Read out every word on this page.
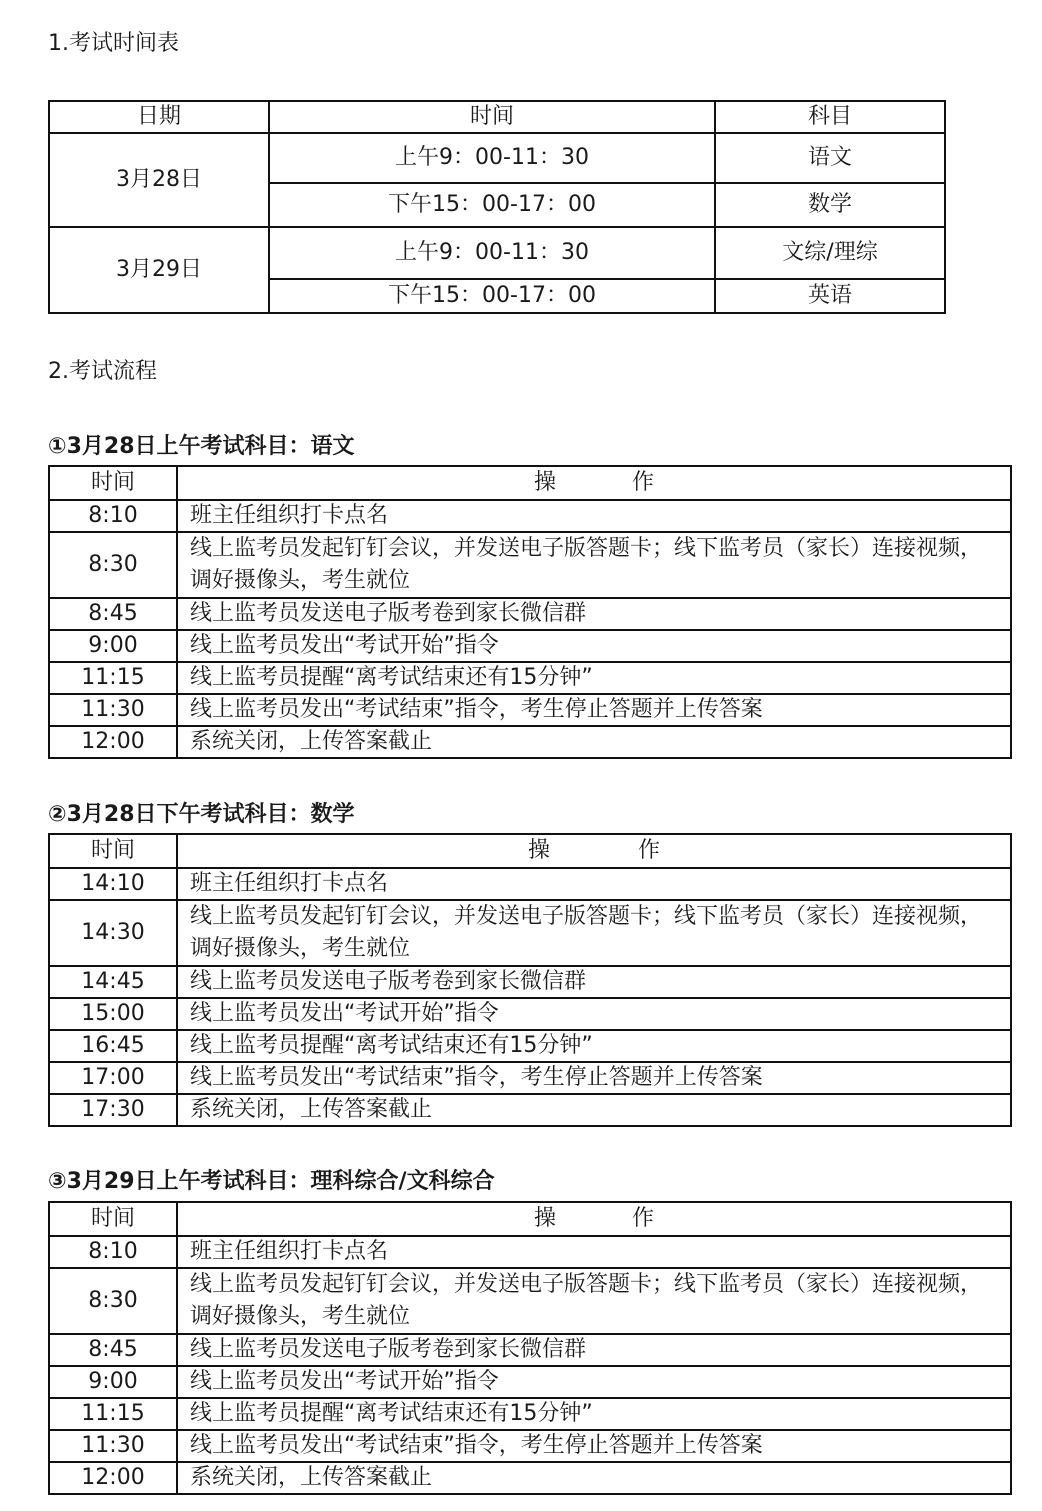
1.考试时间表
日期	时间	科目
3月28日	上午9：00-11：30	语文
	下午15：00-17：00	数学
3月29日	上午9：00-11：30	文综/理综
	下午15：00-17：00	英语
2.考试流程
①3月28日上午考试科目：语文
时间	操 作
8:10	班主任组织打卡点名
8:30	线上监考员发起钉钉会议，并发送电子版答题卡；线下监考员（家长）连接视频，调好摄像头，考生就位
8:45	线上监考员发送电子版考卷到家长微信群
9:00	线上监考员发出“考试开始”指令
11:15	线上监考员提醒“离考试结束还有15分钟”
11:30	线上监考员发出“考试结束”指令，考生停止答题并上传答案
12:00	系统关闭，上传答案截止
②3月28日下午考试科目：数学
时间	操 作
14:10	班主任组织打卡点名
14:30	线上监考员发起钉钉会议，并发送电子版答题卡；线下监考员（家长）连接视频，调好摄像头，考生就位
14:45	线上监考员发送电子版考卷到家长微信群
15:00	线上监考员发出“考试开始”指令
16:45	线上监考员提醒“离考试结束还有15分钟”
17:00	线上监考员发出“考试结束”指令，考生停止答题并上传答案
17:30	系统关闭，上传答案截止
③3月29日上午考试科目：理科综合/文科综合
时间	操 作
8:10	班主任组织打卡点名
8:30	线上监考员发起钉钉会议，并发送电子版答题卡；线下监考员（家长）连接视频，调好摄像头，考生就位
8:45	线上监考员发送电子版考卷到家长微信群
9:00	线上监考员发出“考试开始”指令
11:15	线上监考员提醒“离考试结束还有15分钟”
11:30	线上监考员发出“考试结束”指令，考生停止答题并上传答案
12:00	系统关闭，上传答案截止
